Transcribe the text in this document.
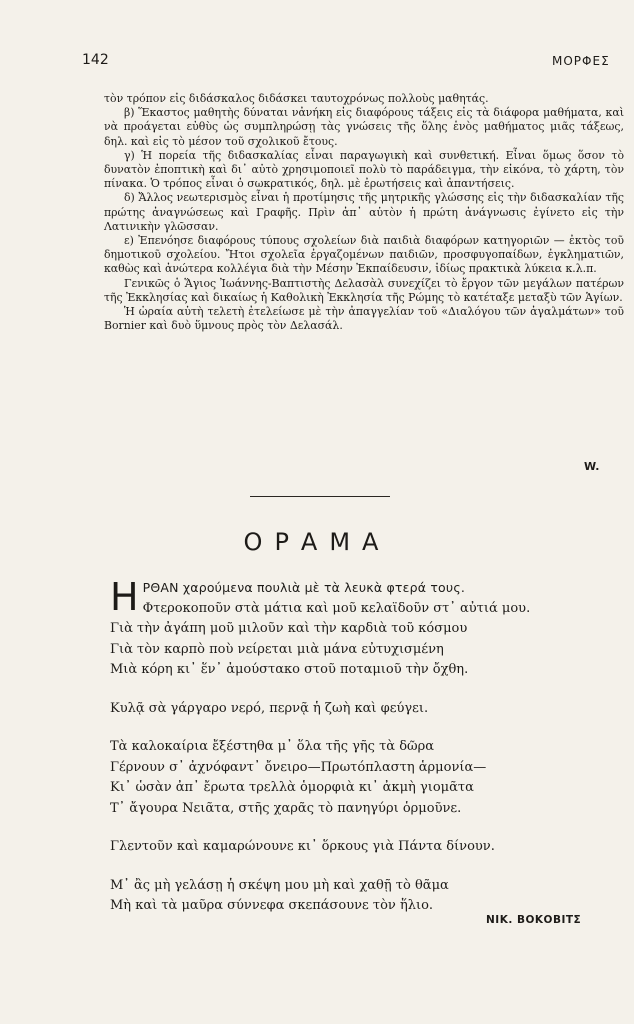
142	ΜΟΡΦΕΣ

τὸν τρόπον εἰς διδάσκαλος διδάσκει ταυτοχρόνως πολλοὺς μαθητάς.

β) Ἕκαστος μαθητὴς δύναται νἀνήκη εἰς διαφόρους τάξεις εἰς τὰ διάφορα μαθήματα, καὶ νὰ προάγεται εὐθὺς ὡς συμπληρώσῃ τὰς γνώσεις τῆς ὅλης ἑνὸς μαθήματος μιᾶς τάξεως, δηλ. καὶ εἰς τὸ μέσον τοῦ σχολικοῦ ἔτους.

γ) Ἡ πορεία τῆς διδασκαλίας εἶναι παραγωγικὴ καὶ συνθετική. Εἶναι ὅμως ὅσον τὸ δυνατὸν ἐποπτικὴ καὶ δι᾿ αὐτὸ χρησιμοποιεῖ πολὺ τὸ παράδειγμα, τὴν εἰκόνα, τὸ χάρτη, τὸν πίνακα. Ὁ τρόπος εἶναι ὁ σωκρατικός, δηλ. μὲ ἐρωτήσεις καὶ ἀπαντήσεις.

δ) Ἄλλος νεωτερισμὸς εἶναι ἡ προτίμησις τῆς μητρικῆς γλώσσης εἰς τὴν διδασκαλίαν τῆς πρώτης ἀναγνώσεως καὶ Γραφῆς. Πρὶν ἀπ᾿ αὐτὸν ἡ πρώτη ἀνάγνωσις ἐγίνετο εἰς τὴν Λατινικὴν γλῶσσαν.

ε) Ἐπενόησε διαφόρους τύπους σχολείων διὰ παιδιὰ διαφόρων κατηγοριῶν — ἐκτὸς τοῦ δημοτικοῦ σχολείου. Ἤτοι σχολεῖα ἐργαζομένων παιδιῶν, προσφυγοπαίδων, ἐγκληματιῶν, καθὼς καὶ ἀνώτερα κολλέγια διὰ τὴν Μέσην Ἐκπαίδευσιν, ἰδίως πρακτικὰ λύκεια κ.λ.π.

Γενικῶς ὁ Ἅγιος Ἰωάννης-Βαπτιστὴς Δελασὰλ συνεχίζει τὸ ἔργον τῶν μεγάλων πατέρων τῆς Ἐκκλησίας καὶ δικαίως ἡ Καθολικὴ Ἐκκλησία τῆς Ρώμης τὸ κατέταξε μεταξὺ τῶν Ἁγίων.

Ἡ ὡραία αὐτὴ τελετὴ ἐτελείωσε μὲ τὴν ἀπαγγελίαν τοῦ «Διαλόγου τῶν ἀγαλμάτων» τοῦ Bornier καὶ δυὸ ὕμνους πρὸς τὸν Δελασάλ.

W.
ΟΡΑΜΑ
Η ΡΘΑΝ χαρούμενα πουλιὰ μὲ τὰ λευκὰ φτερά τους.
Φτεροκοποῦν στὰ μάτια καὶ μοῦ κελαϊδοῦν στ᾿ αὐτιά μου.
Γιὰ τὴν ἀγάπη μοῦ μιλοῦν καὶ τὴν καρδιὰ τοῦ κόσμου
Γιὰ τὸν καρπὸ ποὺ νείρεται μιὰ μάνα εὐτυχισμένη
Μιὰ κόρη κι᾿ ἕν᾿ ἀμούστακο στοῦ ποταμιοῦ τὴν ὄχθη.
Κυλᾷ σὰ γάργαρο νερό, περνᾷ ἡ ζωὴ καὶ φεύγει.
Τὰ καλοκαίρια ἔξέστηθα μ᾿ ὅλα τῆς γῆς τὰ δῶρα
Γέρνουν σ᾿ ἀχνόφαντ᾿ ὄνειρο—Πρωτόπλαστη ἁρμονία—
Κι᾿ ὡσὰν ἀπ᾿ ἔρωτα τρελλὰ ὁμορφιὰ κι᾿ ἀκμὴ γιομᾶτα
Τ᾿ ἄγουρα Νειᾶτα, στῆς χαρᾶς τὸ πανηγύρι ὁρμοῦνε.
Γλεντοῦν καὶ καμαρώνουνε κι᾿ ὅρκους γιὰ Πάντα δίνουν.
Μ᾿ ἂς μὴ γελάσῃ ἡ σκέψη μου μὴ καὶ χαθῇ τὸ θᾶμα
Μὴ καὶ τὰ μαῦρα σύννεφα σκεπάσουνε τὸν ἥλιο.
ΝΙΚ. ΒΟΚΟΒΙΤΣ
